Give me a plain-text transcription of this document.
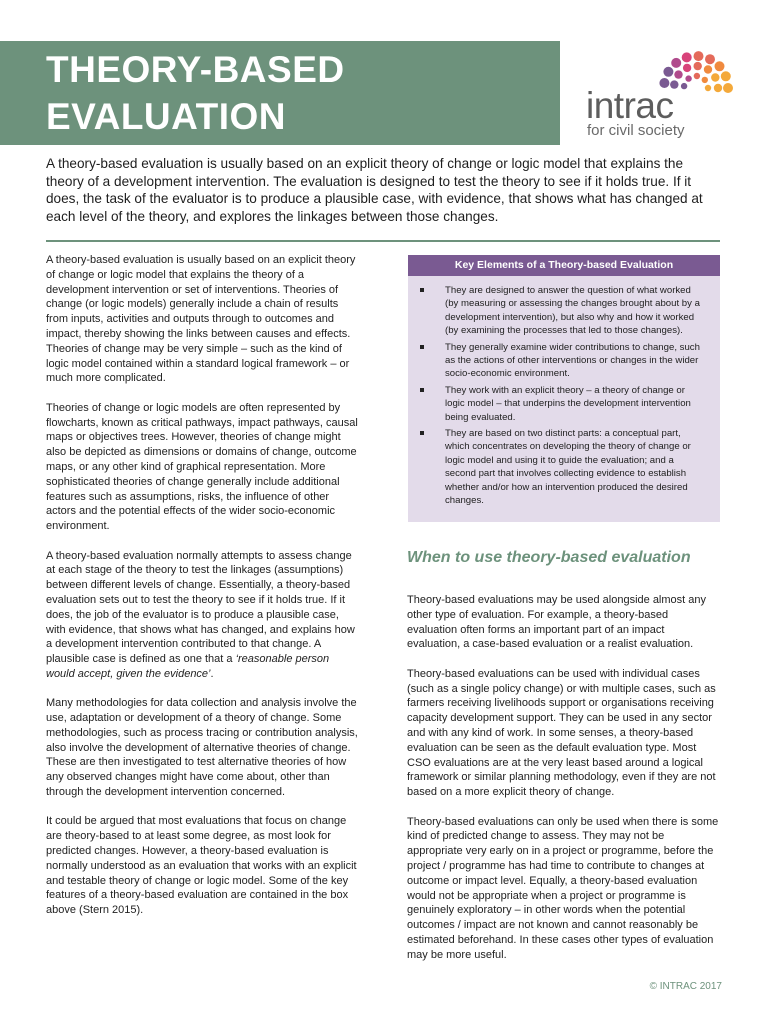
THEORY-BASED
EVALUATION	intrac
for civil society

A theory-based evaluation is usually based on an explicit theory of change or logic model that explains the theory of a development intervention. The evaluation is designed to test the theory to see if it holds true. If it does, the task of the evaluator is to produce a plausible case, with evidence, that shows what has changed at each level of the theory, and explores the linkages between those changes.

A theory-based evaluation is usually based on an explicit theory of change or logic model that explains the theory of a development intervention or set of interventions. Theories of change (or logic models) generally include a chain of results from inputs, activities and outputs through to outcomes and impact, thereby showing the links between causes and effects. Theories of change may be very simple – such as the kind of logic model contained within a standard logical framework – or much more complicated.

Theories of change or logic models are often represented by flowcharts, known as critical pathways, impact pathways, causal maps or objectives trees. However, theories of change might also be depicted as dimensions or domains of change, outcome maps, or any other kind of graphical representation. More sophisticated theories of change generally include additional features such as assumptions, risks, the influence of other actors and the potential effects of the wider socio-economic environment.

A theory-based evaluation normally attempts to assess change at each stage of the theory to test the linkages (assumptions) between different levels of change. Essentially, a theory-based evaluation sets out to test the theory to see if it holds true. If it does, the job of the evaluator is to produce a plausible case, with evidence, that shows what has changed, and explains how a development intervention contributed to that change. A plausible case is defined as one that a ‘reasonable person would accept, given the evidence’.

Many methodologies for data collection and analysis involve the use, adaptation or development of a theory of change. Some methodologies, such as process tracing or contribution analysis, also involve the development of alternative theories of change. These are then investigated to test alternative theories of how any observed changes might have come about, other than through the development intervention concerned.

It could be argued that most evaluations that focus on change are theory-based to at least some degree, as most look for predicted changes. However, a theory-based evaluation is normally understood as an evaluation that works with an explicit and testable theory of change or logic model. Some of the key features of a theory-based evaluation are contained in the box above (Stern 2015).

Key Elements of a Theory-based Evaluation
They are designed to answer the question of what worked (by measuring or assessing the changes brought about by a development intervention), but also why and how it worked (by examining the processes that led to those changes).
They generally examine wider contributions to change, such as the actions of other interventions or changes in the wider socio-economic environment.
They work with an explicit theory – a theory of change or logic model – that underpins the development intervention being evaluated.
They are based on two distinct parts: a conceptual part, which concentrates on developing the theory of change or logic model and using it to guide the evaluation; and a second part that involves collecting evidence to establish whether and/or how an intervention produced the desired changes.
When to use theory-based evaluation

Theory-based evaluations may be used alongside almost any other type of evaluation. For example, a theory-based evaluation often forms an important part of an impact evaluation, a case-based evaluation or a realist evaluation.

Theory-based evaluations can be used with individual cases (such as a single policy change) or with multiple cases, such as farmers receiving livelihoods support or organisations receiving capacity development support. They can be used in any sector and with any kind of work. In some senses, a theory-based evaluation can be seen as the default evaluation type. Most CSO evaluations are at the very least based around a logical framework or similar planning methodology, even if they are not based on a more explicit theory of change.

Theory-based evaluations can only be used when there is some kind of predicted change to assess. They may not be appropriate very early on in a project or programme, before the project / programme has had time to contribute to changes at outcome or impact level. Equally, a theory-based evaluation would not be appropriate when a project or programme is genuinely exploratory – in other words when the potential outcomes / impact are not known and cannot reasonably be estimated beforehand. In these cases other types of evaluation may be more useful.

© INTRAC 2017
